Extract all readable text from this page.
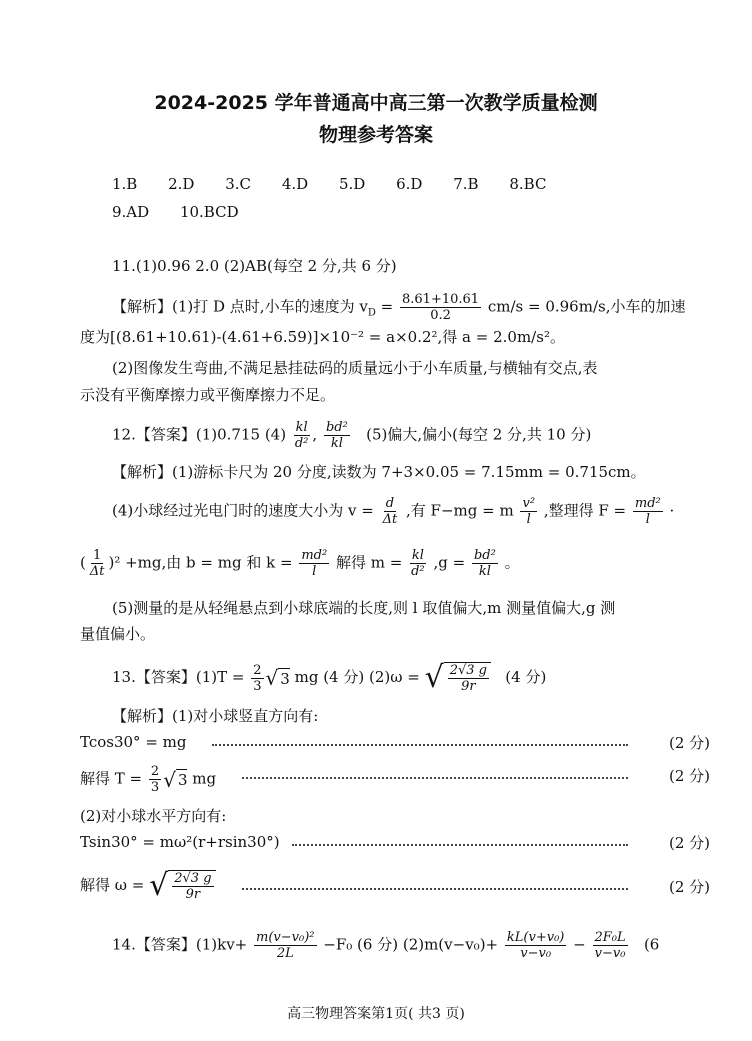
2024-2025 学年普通高中高三第一次教学质量检测
物理参考答案
1.B 2.D 3.C 4.D 5.D 6.D 7.B 8.BC
9.AD 10.BCD
11.(1)0.96 2.0 (2)AB(每空 2 分,共 6 分)
【解析】(1)打 D 点时,小车的速度为 $v_D = \frac{8.61+10.61}{0.2} cm/s = 0.96m/s$,小车的加速
度为[(8.61+10.61)-(4.61+6.59)]×10⁻² = a×0.2²,得 a = 2.0m/s²。
(2)图像发生弯曲,不满足悬挂砝码的质量远小于小车质量,与横轴有交点,表
示没有平衡摩擦力或平衡摩擦力不足。
12.【答案】(1)0.715 $(4) \frac{kl}{\text{d²}}$ , $\frac{\text{bd²}}{kl} (5)$偏大,偏小(每空 2 分,共 10 分)
【解析】(1)游标卡尺为 20 分度,读数为 7+3×0.05 = 7.15mm = 0.715cm。
(4)小球经过光电门时的速度大小为 $v = \frac{d}{\Delta t}$ ,有 F−mg = m $\frac{\text{v²}}{l}$ ,整理得 $F = \frac{\text{md²}}{l}$ ·
( $\frac{1}{\Delta t} )^2 +mg$,由 b = mg 和 $k = \frac{\text{md²}}{l}$ 解得 $m = \frac{kl}{\text{d²}} ,g = \frac{\text{bd²}}{kl}$ 。
(5)测量的是从轻绳悬点到小球底端的长度,则 l 取值偏大,m 测量值偏大,g 测
量值偏小。
13.【答案】$(1)T = \frac{2}{3}$ √ 3 mg (4 分) (2)ω = √ $\frac{2√3 g}{9r} (4$ 分)
【解析】(1)对小球竖直方向有:
Tcos30° = mg	(2 分)
解得 $T = \frac{2}{3}$ √ 3 mg	(2 分)
(2)对小球水平方向有:
Tsin30° = mω²(r+rsin30°)	(2 分)
解得 ω = √ $\frac{2√3 g}{9r}$	(2 分)
14.【答案】$(1)kv+ \frac{\text{m(v−v₀)²}}{2L} -F_0$ (6 分) $(2)m(v-v_0)+ \frac{\text{kL(v+v₀)}}{\text{v−v₀}} - \frac{\text{2F₀L}}{\text{v−v₀}} (6$
高三物理答案第1页( 共3 页)
